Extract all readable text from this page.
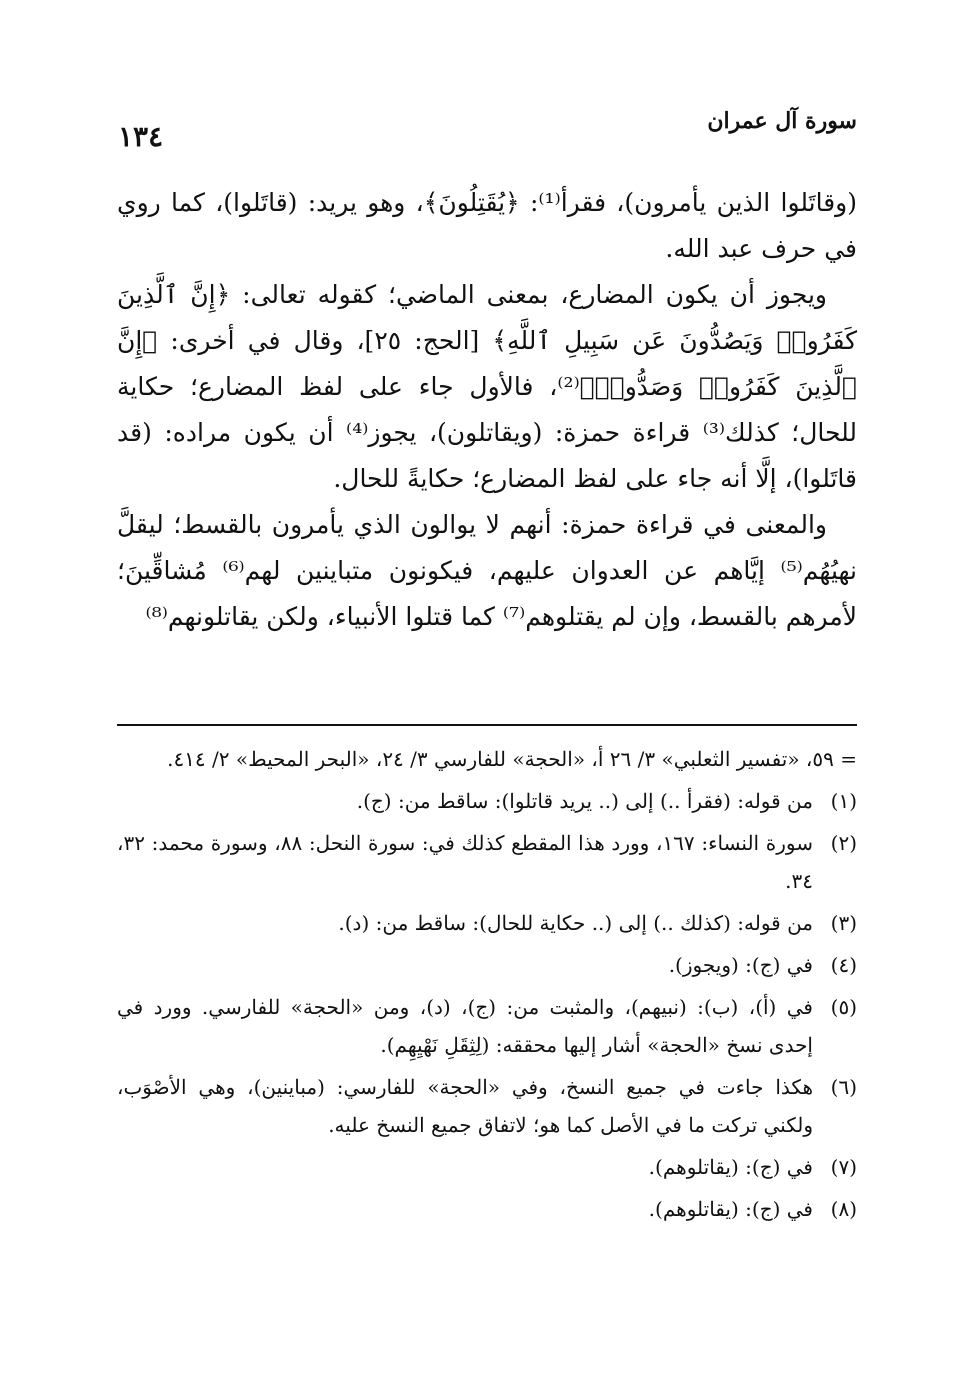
سورة آل عمران
١٣٤

(وقاتَلوا الذين يأمرون)، فقرأ⁽¹⁾: ﴿يُقَتِلُونَ﴾، وهو يريد: (قاتَلوا)، كما روي في حرف عبد الله.

ويجوز أن يكون المضارع، بمعنى الماضي؛ كقوله تعالى: ﴿إِنَّ ٱلَّذِينَ كَفَرُوا۟ وَيَصُدُّونَ عَن سَبِيلِ ٱللَّهِ﴾ [الحج: ٢٥]، وقال في أخرى: ﴿إِنَّ ٱلَّذِينَ كَفَرُوا۟ وَصَدُّوا۟﴾⁽²⁾، فالأول جاء على لفظ المضارع؛ حكاية للحال؛ كذلك⁽³⁾ قراءة حمزة: (ويقاتلون)، يجوز⁽⁴⁾ أن يكون مراده: (قد قاتَلوا)، إلَّا أنه جاء على لفظ المضارع؛ حكايةً للحال.

والمعنى في قراءة حمزة: أنهم لا يوالون الذي يأمرون بالقسط؛ ليقلَّ نهيُهُم⁽⁵⁾ إيَّاهم عن العدوان عليهم، فيكونون متباينين لهم⁽⁶⁾ مُشاقِّينَ؛ لأمرهم بالقسط، وإن لم يقتلوهم⁽⁷⁾ كما قتلوا الأنبياء، ولكن يقاتلونهم⁽⁸⁾

= ٥٩، «تفسير الثعلبي» ٣/ ٢٦ أ، «الحجة» للفارسي ٣/ ٢٤، «البحر المحيط» ٢/ ٤١٤.

(١)
من قوله: (فقرأ ..) إلى (.. يريد قاتلوا): ساقط من: (ج).
(٢)
سورة النساء: ١٦٧، وورد هذا المقطع كذلك في: سورة النحل: ٨٨، وسورة محمد: ٣٢، ٣٤.
(٣)
من قوله: (كذلك ..) إلى (.. حكاية للحال): ساقط من: (د).
(٤)
في (ج): (ويجوز).
(٥)
في (أ)، (ب): (نبيهم)، والمثبت من: (ج)، (د)، ومن «الحجة» للفارسي. وورد في إحدى نسخ «الحجة» أشار إليها محققه: (لِثِقَلِ نَهْيِهِم).
(٦)
هكذا جاءت في جميع النسخ، وفي «الحجة» للفارسي: (مباينين)، وهي الأصْوَب، ولكني تركت ما في الأصل كما هو؛ لاتفاق جميع النسخ عليه.
(٧)
في (ج): (يقاتلوهم).
(٨)
في (ج): (يقاتلوهم).
